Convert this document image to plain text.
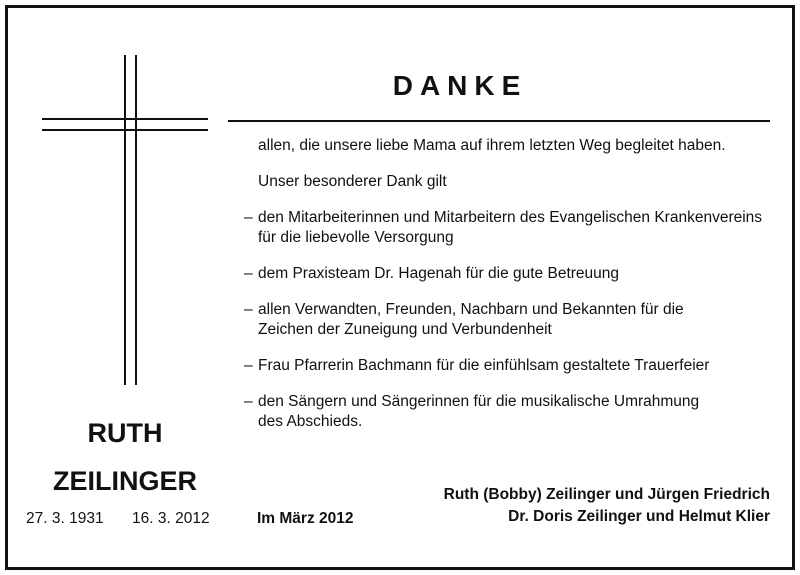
DANKE
allen, die unsere liebe Mama auf ihrem letzten Weg begleitet haben.
Unser besonderer Dank gilt
– den Mitarbeiterinnen und Mitarbeitern des Evangelischen Krankenvereins
für die liebevolle Versorgung
– dem Praxisteam Dr. Hagenah für die gute Betreuung
– allen Verwandten, Freunden, Nachbarn und Bekannten für die
Zeichen der Zuneigung und Verbundenheit
– Frau Pfarrerin Bachmann für die einfühlsam gestaltete Trauerfeier
– den Sängern und Sängerinnen für die musikalische Umrahmung
des Abschieds.
RUTH
ZEILINGER
27. 3. 1931 16. 3. 2012	Im März 2012
Ruth (Bobby) Zeilinger und Jürgen Friedrich
Dr. Doris Zeilinger und Helmut Klier
